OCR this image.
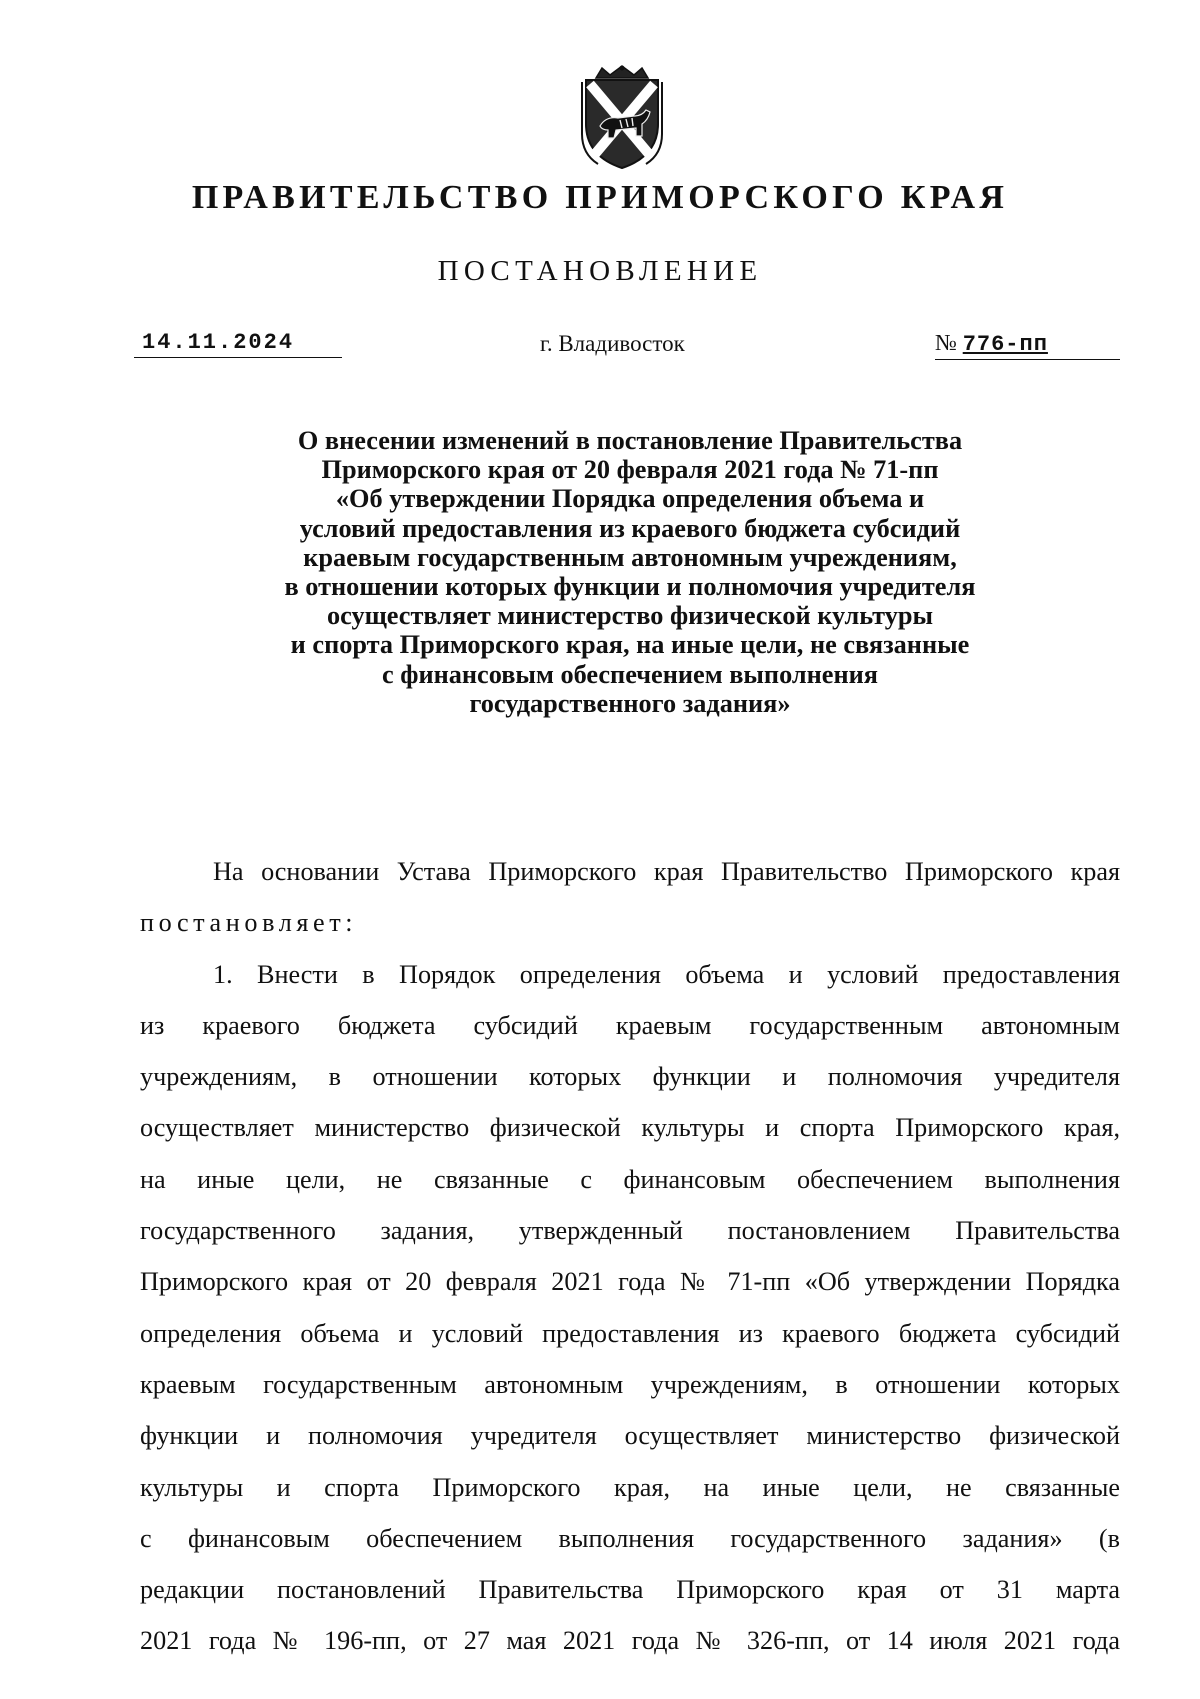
ПРАВИТЕЛЬСТВО ПРИМОРСКОГО КРАЯ
ПОСТАНОВЛЕНИЕ
14.11.2024	г. Владивосток	№ 776-пп
О внесении изменений в постановление Правительства
Приморского края от 20 февраля 2021 года № 71-пп
«Об утверждении Порядка определения объема и
условий предоставления из краевого бюджета субсидий
краевым государственным автономным учреждениям,
в отношении которых функции и полномочия учредителя
осуществляет министерство физической культуры
и спорта Приморского края, на иные цели, не связанные
с финансовым обеспечением выполнения
государственного задания»
На основании Устава Приморского края Правительство Приморского края
постановляет:
1. Внести в Порядок определения объема и условий предоставления
из краевого бюджета субсидий краевым государственным автономным
учреждениям, в отношении которых функции и полномочия учредителя
осуществляет министерство физической культуры и спорта Приморского края,
на иные цели, не связанные с финансовым обеспечением выполнения
государственного задания, утвержденный постановлением Правительства
Приморского края от 20 февраля 2021 года № 71-пп «Об утверждении Порядка
определения объема и условий предоставления из краевого бюджета субсидий
краевым государственным автономным учреждениям, в отношении которых
функции и полномочия учредителя осуществляет министерство физической
культуры и спорта Приморского края, на иные цели, не связанные
с финансовым обеспечением выполнения государственного задания» (в
редакции постановлений Правительства Приморского края от 31 марта
2021 года № 196-пп, от 27 мая 2021 года № 326-пп, от 14 июля 2021 года
